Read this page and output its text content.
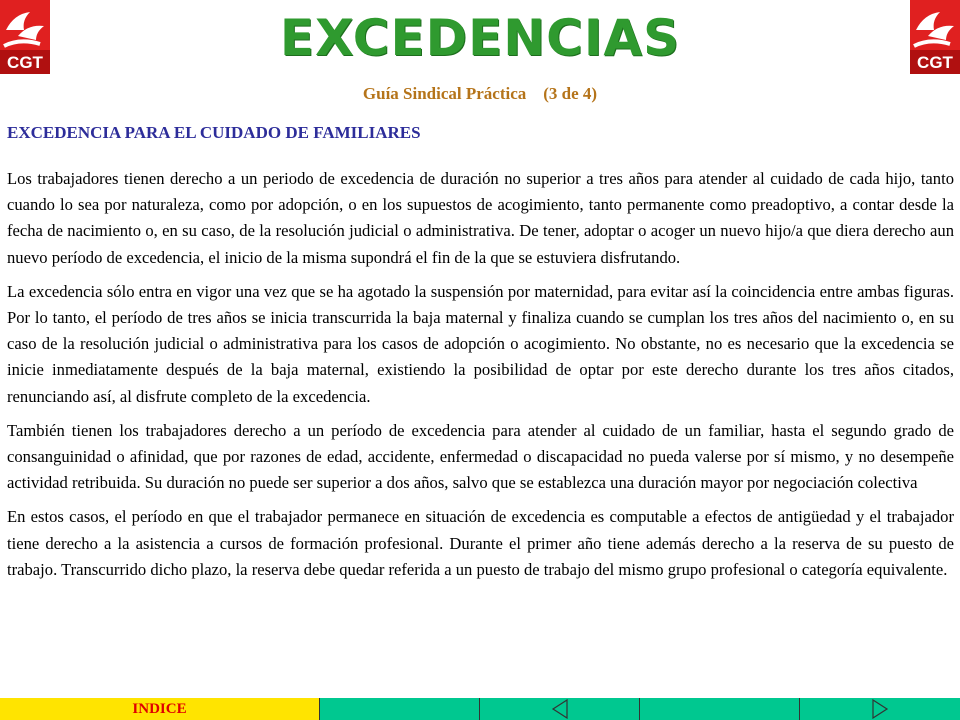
CGT	CGT
EXCEDENCIAS
Guía Sindical Práctica    (3 de 4)
EXCEDENCIA PARA EL CUIDADO DE FAMILIARES

Los trabajadores tienen derecho a un periodo de excedencia de duración no superior a tres años para atender al cuidado de cada hijo, tanto cuando lo sea por naturaleza, como por adopción, o en los supuestos de acogimiento, tanto permanente como preadoptivo, a contar desde la fecha de nacimiento o, en su caso, de la resolución judicial o administrativa. De tener, adoptar o acoger un nuevo hijo/a que diera derecho aun nuevo período de excedencia, el inicio de la misma supondrá el fin de la que se estuviera disfrutando.

La excedencia sólo entra en vigor una vez que se ha agotado la suspensión por maternidad, para evitar así la coincidencia entre ambas figuras. Por lo tanto, el período de tres años se inicia transcurrida la baja maternal y finaliza cuando se cumplan los tres años del nacimiento o, en su caso de la resolución judicial o administrativa para los casos de adopción o acogimiento. No obstante, no es necesario que la excedencia se inicie inmediatamente después de la baja maternal, existiendo la posibilidad de optar por este derecho durante los tres años citados, renunciando así, al disfrute completo de la excedencia.

También tienen los trabajadores derecho a un período de excedencia para atender al cuidado de un familiar, hasta el segundo grado de consanguinidad o afinidad, que por razones de edad, accidente, enfermedad o discapacidad no pueda valerse por sí mismo, y no desempeñe actividad retribuida. Su duración no puede ser superior a dos años, salvo que se establezca una duración mayor por negociación colectiva

En estos casos, el período en que el trabajador permanece en situación de excedencia es computable a efectos de antigüedad y el trabajador tiene derecho a la asistencia a cursos de formación profesional. Durante el primer año tiene además derecho a la reserva de su puesto de trabajo. Transcurrido dicho plazo, la reserva debe quedar referida a un puesto de trabajo del mismo grupo profesional o categoría equivalente.

INDICE
